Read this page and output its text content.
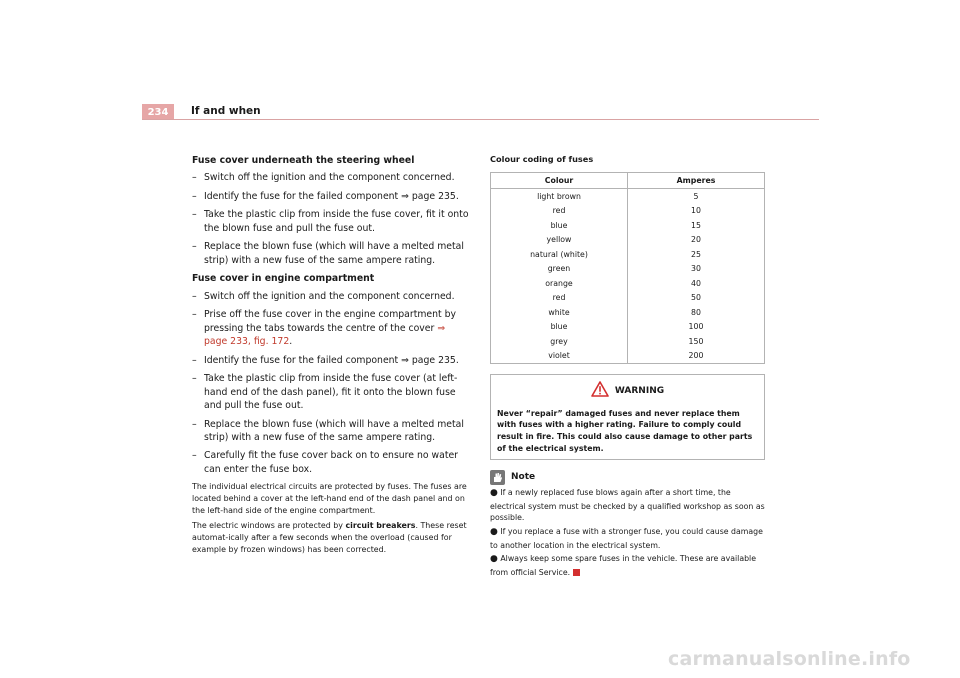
234	If and when
Fuse cover underneath the steering wheel
– Switch off the ignition and the component concerned.
– Identify the fuse for the failed component ⇒ page 235.
– Take the plastic clip from inside the fuse cover, fit it onto the blown fuse and pull the fuse out.
– Replace the blown fuse (which will have a melted metal strip) with a new fuse of the same ampere rating.
Fuse cover in engine compartment
– Switch off the ignition and the component concerned.
– Prise off the fuse cover in the engine compartment by pressing the tabs towards the centre of the cover ⇒ page 233, fig. 172.
– Identify the fuse for the failed component ⇒ page 235.
– Take the plastic clip from inside the fuse cover (at left-hand end of the dash panel), fit it onto the blown fuse and pull the fuse out.
– Replace the blown fuse (which will have a melted metal strip) with a new fuse of the same ampere rating.
– Carefully fit the fuse cover back on to ensure no water can enter the fuse box.

The individual electrical circuits are protected by fuses. The fuses are located behind a cover at the left-hand end of the dash panel and on the left-hand side of the engine compartment.

The electric windows are protected by circuit breakers. These reset automat-ically after a few seconds when the overload (caused for example by frozen windows) has been corrected.

Colour coding of fuses
Colour	Amperes
light brown	5
red	10
blue	15
yellow	20
natural (white)	25
green	30
orange	40
red	50
white	80
blue	100
grey	150
violet	200
WARNING
Never “repair” damaged fuses and never replace them with fuses with a higher rating. Failure to comply could result in fire. This could also cause damage to other parts of the electrical system.
Note
● If a newly replaced fuse blows again after a short time, the electrical system must be checked by a qualified workshop as soon as possible.
● If you replace a fuse with a stronger fuse, you could cause damage to another location in the electrical system.
● Always keep some spare fuses in the vehicle. These are available from official Service.
carmanualsonline.info
